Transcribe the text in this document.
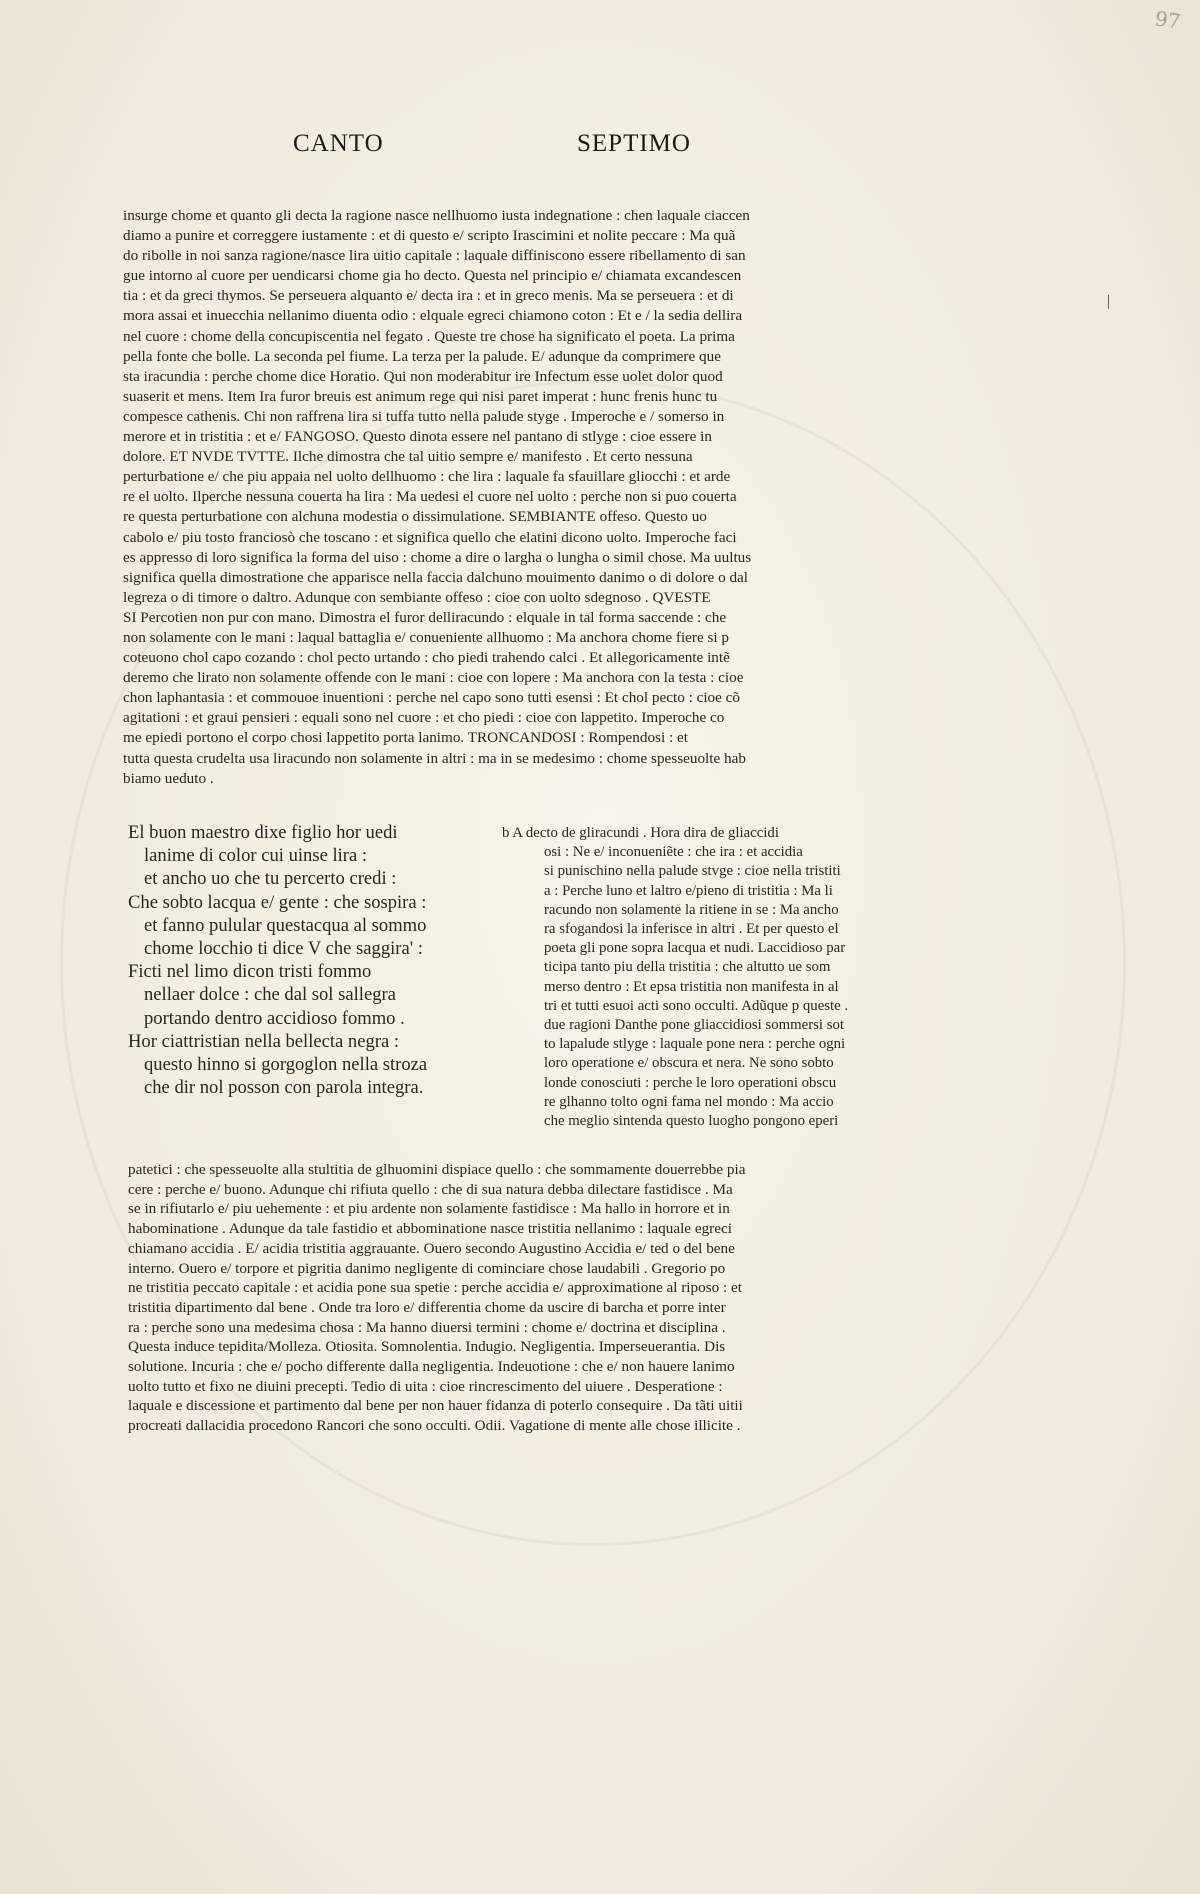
97
CANTO	SEPTIMO
insurge chome et quanto gli decta la ragione nasce nellhuomo iusta indegnatione : chen laquale ciaccen
diamo a punire et correggere iustamente : et di questo e/ scripto Irascimini et nolite peccare : Ma quã
do ribolle in noi sanza ragione/nasce lira uitio capitale : laquale diffiniscono essere ribellamento di san
gue intorno al cuore per uendicarsi chome gia ho decto. Questa nel principio e/ chiamata excandescen
tia : et da greci thymos. Se perseuera alquanto e/ decta ira : et in greco menis. Ma se perseuera : et di
mora assai et inuecchia nellanimo diuenta odio : elquale egreci chiamono coton : Et e / la sedia dellira
nel cuore : chome della concupiscentia nel fegato . Queste tre chose ha significato el poeta. La prima
pella fonte che bolle. La seconda pel fiume. La terza per la palude. E/ adunque da comprimere que
sta iracundia : perche chome dice Horatio. Qui non moderabitur ire Infectum esse uolet dolor quod
suaserit et mens. Item Ira furor breuis est animum rege qui nisi paret imperat : hunc frenis hunc tu
compesce cathenis. Chi non raffrena lira si tuffa tutto nella palude styge . Imperoche e / somerso in
merore et in tristitia : et e/ FANGOSO. Questo dinota essere nel pantano di stlyge : cioe essere in
dolore. ET NVDE TVTTE. Ilche dimostra che tal uitio sempre e/ manifesto . Et certo nessuna
perturbatione e/ che piu appaia nel uolto dellhuomo : che lira : laquale fa sfauillare gliocchi : et arde
re el uolto. Ilperche nessuna couerta ha lira : Ma uedesi el cuore nel uolto : perche non si puo couerta
re questa perturbatione con alchuna modestia o dissimulatione. SEMBIANTE offeso. Questo uo
cabolo e/ piu tosto franciosò che toscano : et significa quello che elatini dicono uolto. Imperoche faci
es appresso di loro significa la forma del uiso : chome a dire o largha o lungha o simil chose. Ma uultus
significa quella dimostratione che apparisce nella faccia dalchuno mouimento danimo o di dolore o dal
legreza o di timore o daltro. Adunque con sembiante offeso : cioe con uolto sdegnoso . QVESTE
SI Percotien non pur con mano. Dimostra el furor delliracundo : elquale in tal forma saccende : che
non solamente con le mani : laqual battaglia e/ conueniente allhuomo : Ma anchora chome fiere si p
coteuono chol capo cozando : chol pecto urtando : cho piedi trahendo calci . Et allegoricamente intẽ
deremo che lirato non solamente offende con le mani : cioe con lopere : Ma anchora con la testa : cioe
chon laphantasia : et commouoe inuentioni : perche nel capo sono tutti esensi : Et chol pecto : cioe cõ
agitationi : et graui pensieri : equali sono nel cuore : et cho piedi : cioe con lappetito. Imperoche co
me epiedi portono el corpo chosi lappetito porta lanimo. TRONCANDOSI : Rompendosi : et
tutta questa crudelta usa liracundo non solamente in altri : ma in se medesimo : chome spesseuolte hab
biamo ueduto .
El buon maestro dixe figlio hor uedi
lanime di color cui uinse lira :
et ancho uo che tu percerto credi :
Che sobto lacqua e/ gente : che sospira :
et fanno pulular questacqua al sommo
chome locchio ti dice V che saggira' :
Ficti nel limo dicon tristi fommo
nellaer dolce : che dal sol sallegra
portando dentro accidioso fommo .
Hor ciattristian nella bellecta negra :
questo hinno si gorgoglon nella stroza
che dir nol posson con parola integra.
b A decto de gliracundi . Hora dira de gliaccidi
osi : Ne e/ inconueniẽte : che ira : et accidia
si punischino nella palude stvge : cioe nella tristiti
a : Perche luno et laltro e/pieno di tristitia : Ma li
racundo non solamente la ritiene in se : Ma ancho
ra sfogandosi la inferisce in altri . Et per questo el
poeta gli pone sopra lacqua et nudi. Laccidioso par
ticipa tanto piu della tristitia : che altutto ue som
merso dentro : Et epsa tristitia non manifesta in al
tri et tutti esuoi acti sono occulti. Adũque p queste .
due ragioni Danthe pone gliaccidiosi sommersi sot
to lapalude stlyge : laquale pone nera : perche ogni
loro operatione e/ obscura et nera. Ne sono sobto
londe conosciuti : perche le loro operationi obscu
re glhanno tolto ogni fama nel mondo : Ma accio
che meglio sintenda questo luogho pongono eperi
patetici : che spesseuolte alla stultitia de glhuomini dispiace quello : che sommamente douerrebbe pia
cere : perche e/ buono. Adunque chi rifiuta quello : che di sua natura debba dilectare fastidisce . Ma
se in rifiutarlo e/ piu uehemente : et piu ardente non solamente fastidisce : Ma hallo in horrore et in
habominatione . Adunque da tale fastidio et abbominatione nasce tristitia nellanimo : laquale egreci
chiamano accidia . E/ acidia tristitia aggrauante. Ouero secondo Augustino Accidia e/ ted o del bene
interno. Ouero e/ torpore et pigritia danimo negligente di cominciare chose laudabili . Gregorio po
ne tristitia peccato capitale : et acidia pone sua spetie : perche accidia e/ approximatione al riposo : et
tristitia dipartimento dal bene . Onde tra loro e/ differentia chome da uscire di barcha et porre inter
ra : perche sono una medesima chosa : Ma hanno diuersi termini : chome e/ doctrina et disciplina .
Questa induce tepidita/Molleza. Otiosita. Somnolentia. Indugio. Negligentia. Imperseuerantia. Dis
solutione. Incuria : che e/ pocho differente dalla negligentia. Indeuotione : che e/ non hauere lanimo
uolto tutto et fixo ne diuini precepti. Tedio di uita : cioe rincrescimento del uiuere . Desperatione :
laquale e discessione et partimento dal bene per non hauer fidanza di poterlo consequire . Da tãti uitii
procreati dallacidia procedono Rancori che sono occulti. Odii. Vagatione di mente alle chose illicite .
